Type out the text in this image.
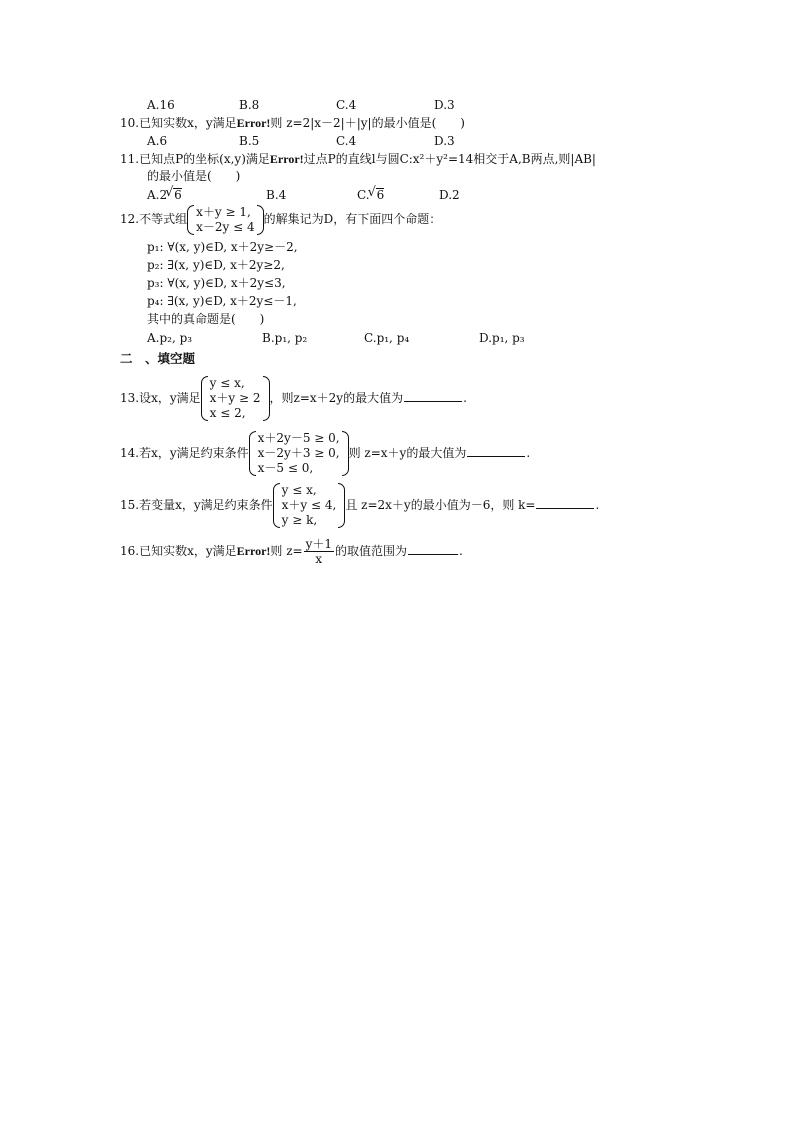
A.16	B.8	C.4	D.3
10.已知实数x，y满足Error!则 z=2|x－2|＋|y|的最小值是(　　)
A.6	B.5	C.4	D.3
11.已知点P的坐标(x,y)满足Error!过点P的直线l与圆C:x²＋y²=14相交于A,B两点,则|AB|
的最小值是(　　)
A.2 √ 6	B.4	C. √ 6	D.2
12.不等式组
x＋y ≥ 1,
x－2y ≤ 4
的解集记为D，有下面四个命题：
p₁: ∀(x, y)∈D, x＋2y≥－2,
p₂: ∃(x, y)∈D, x＋2y≥2,
p₃: ∀(x, y)∈D, x＋2y≤3,
p₄: ∃(x, y)∈D, x＋2y≤－1,
其中的真命题是(　　)
A.p₂, p₃	B.p₁, p₂	C.p₁, p₄	D.p₁, p₃
二　、填空题
13.设x，y满足
y ≤ x,
x＋y ≥ 2
x ≤ 2,
，则z=x＋2y的最大值为	.
14.若x，y满足约束条件
x＋2y－5 ≥ 0,
x－2y＋3 ≥ 0,
x－5 ≤ 0,
则 z=x＋y的最大值为	.
15.若变量x，y满足约束条件
y ≤ x,
x＋y ≤ 4,
y ≥ k,
且 z=2x＋y的最小值为－6，则 k=	.
16.已知实数x，y满足Error!则 $z= \frac{y+1}{x}$ 的取值范围为	.
